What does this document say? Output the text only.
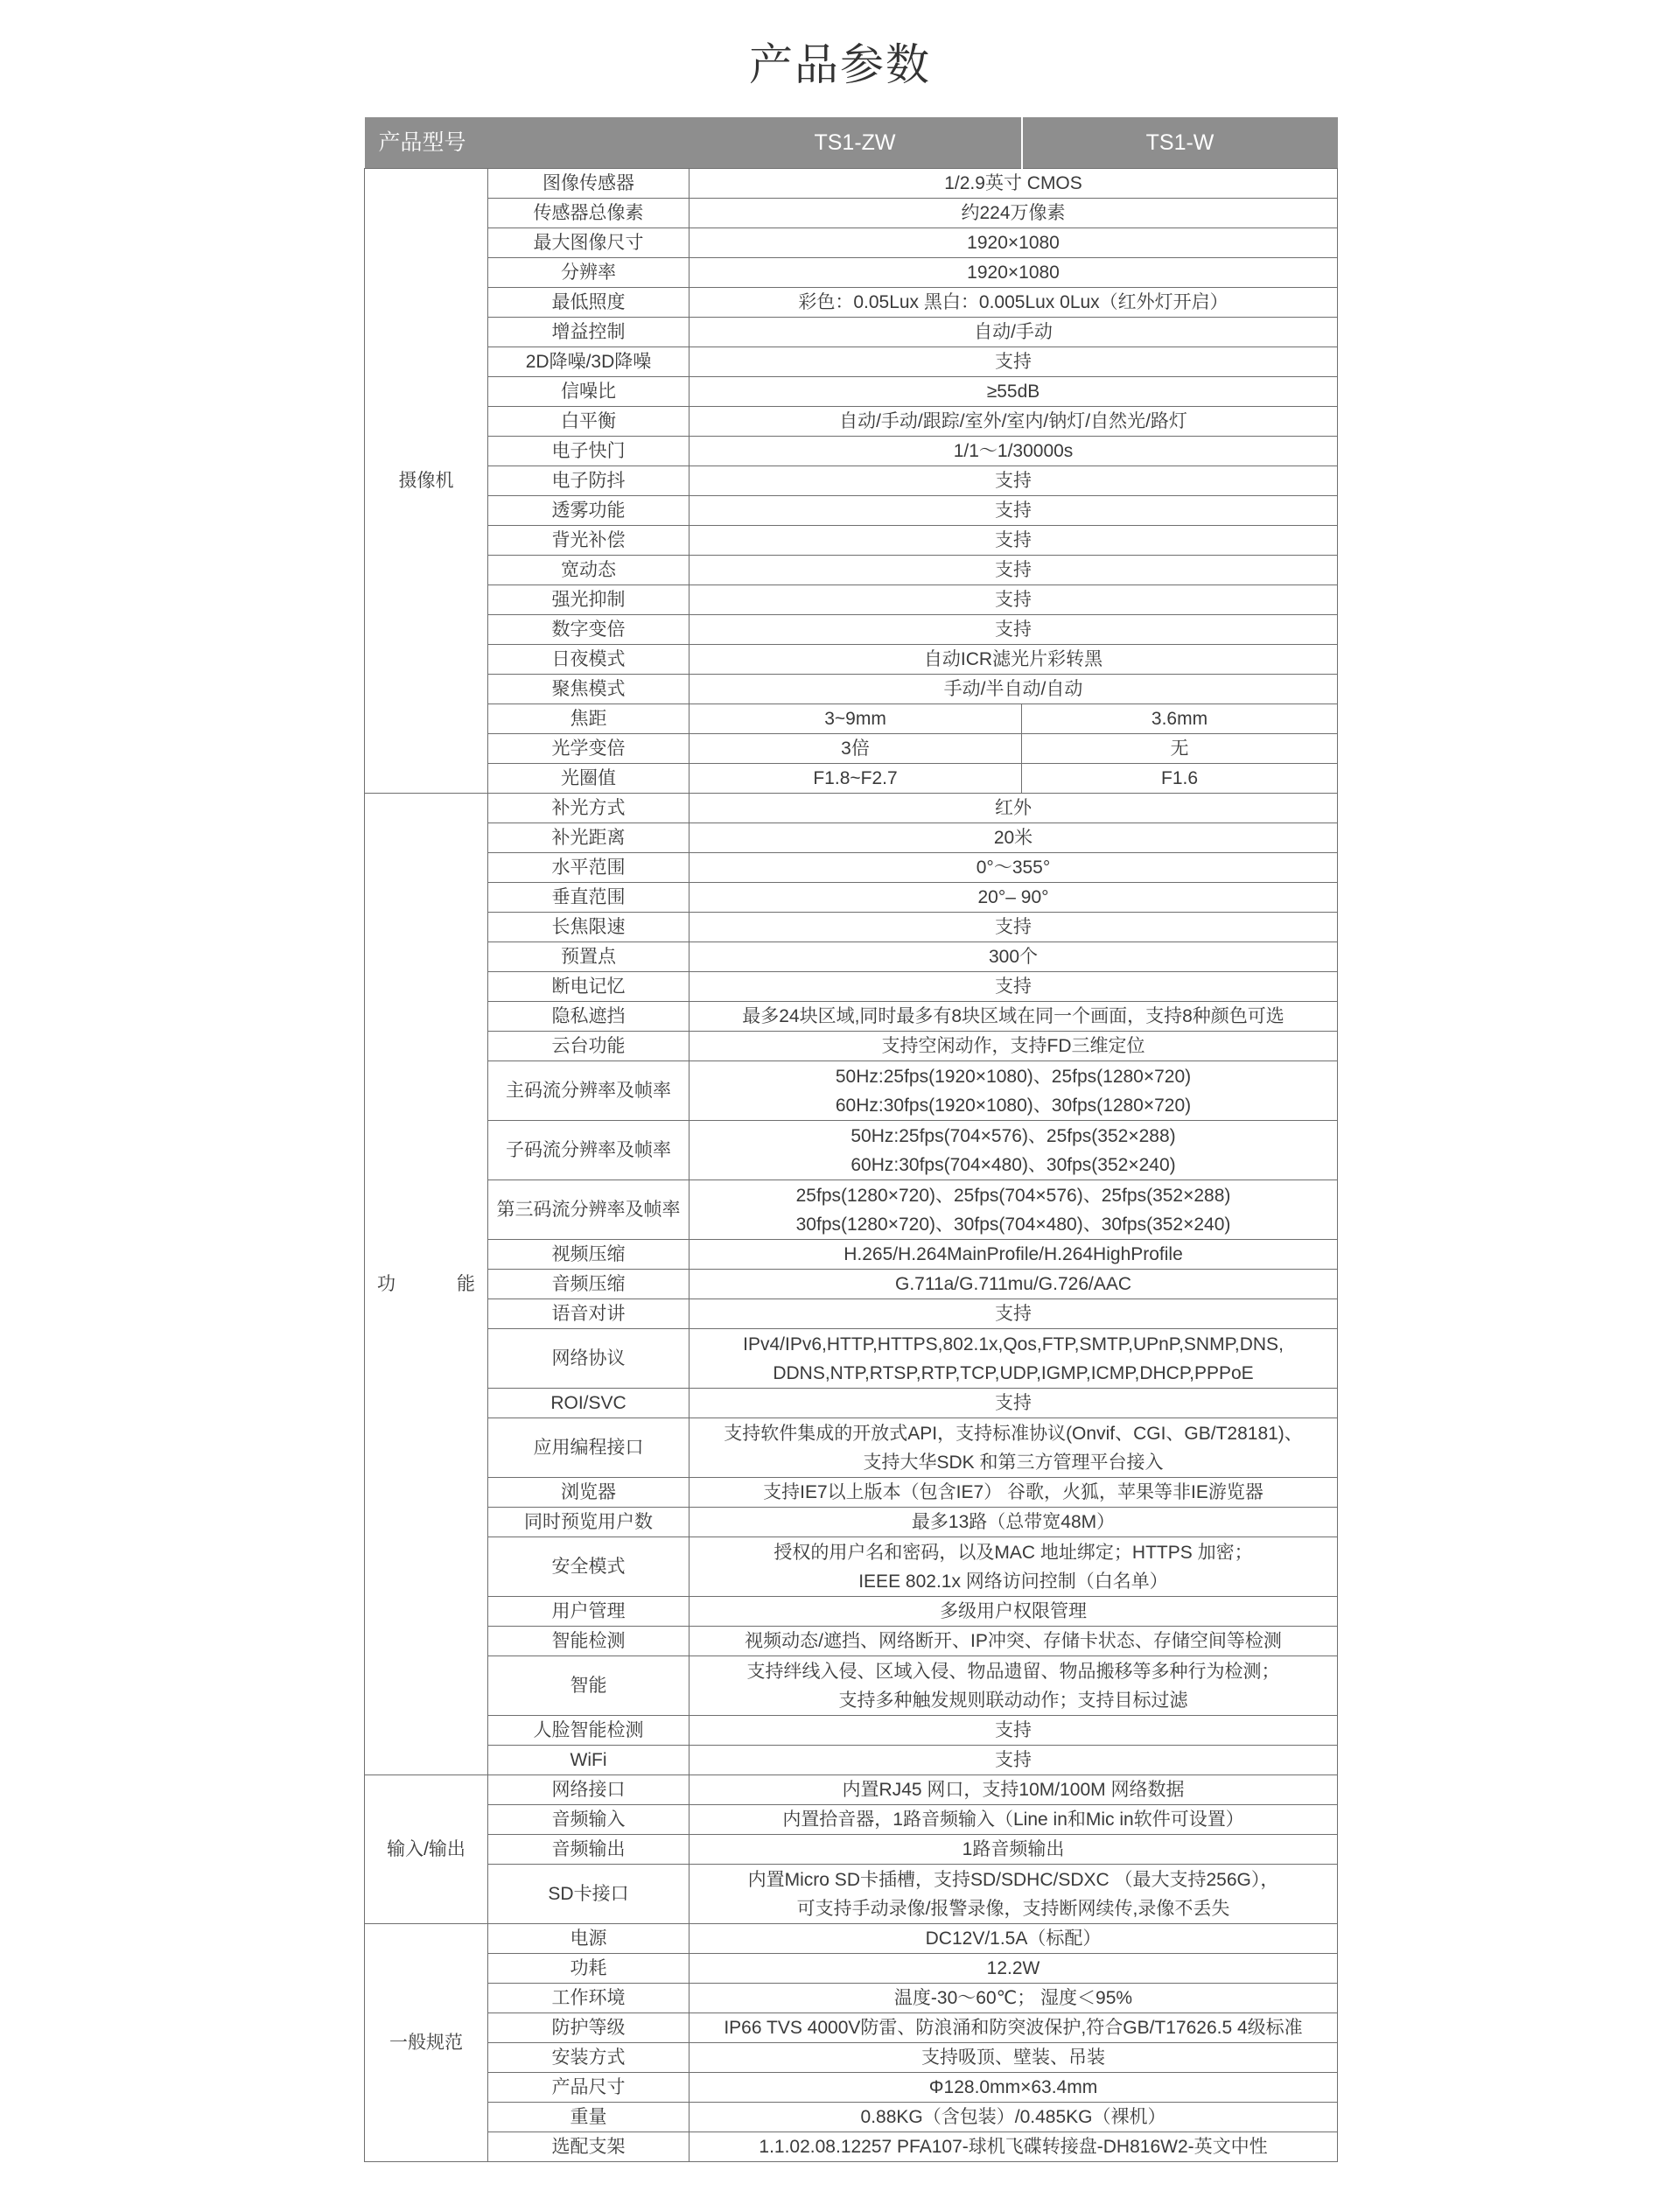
产品参数
产品型号		TS1-ZW	TS1-W
摄像机	图像传感器	1/2.9英寸 CMOS	
	传感器总像素	约224万像素	
	最大图像尺寸	1920×1080	
	分辨率	1920×1080	
	最低照度	彩色：0.05Lux 黑白：0.005Lux 0Lux（红外灯开启）	
	增益控制	自动/手动	
	2D降噪/3D降噪	支持	
	信噪比	≥55dB	
	白平衡	自动/手动/跟踪/室外/室内/钠灯/自然光/路灯	
	电子快门	1/1～1/30000s	
	电子防抖	支持	
	透雾功能	支持	
	背光补偿	支持	
	宽动态	支持	
	强光抑制	支持	
	数字变倍	支持	
	日夜模式	自动ICR滤光片彩转黑	
	聚焦模式	手动/半自动/自动	
	焦距	3~9mm	3.6mm
	光学变倍	3倍	无
	光圈值	F1.8~F2.7	F1.6
功 能	补光方式	红外	
	补光距离	20米	
	水平范围	0°～355°	
	垂直范围	20°– 90°	
	长焦限速	支持	
	预置点	300个	
	断电记忆	支持	
	隐私遮挡	最多24块区域,同时最多有8块区域在同一个画面，支持8种颜色可选	
	云台功能	支持空闲动作，支持FD三维定位	
	主码流分辨率及帧率	50Hz:25fps(1920×1080)、25fps(1280×720)
60Hz:30fps(1920×1080)、30fps(1280×720)	

	子码流分辨率及帧率	50Hz:25fps(704×576)、25fps(352×288)
60Hz:30fps(704×480)、30fps(352×240)	

	第三码流分辨率及帧率	25fps(1280×720)、25fps(704×576)、25fps(352×288)
30fps(1280×720)、30fps(704×480)、30fps(352×240)	

	视频压缩	H.265/H.264MainProfile/H.264HighProfile	
	音频压缩	G.711a/G.711mu/G.726/AAC	
	语音对讲	支持	
	网络协议	IPv4/IPv6,HTTP,HTTPS,802.1x,Qos,FTP,SMTP,UPnP,SNMP,DNS,
DDNS,NTP,RTSP,RTP,TCP,UDP,IGMP,ICMP,DHCP,PPPoE	

	ROI/SVC	支持	
	应用编程接口	支持软件集成的开放式API，支持标准协议(Onvif、CGI、GB/T28181)、
支持大华SDK 和第三方管理平台接入	

	浏览器	支持IE7以上版本（包含IE7） 谷歌，火狐，苹果等非IE游览器	
	同时预览用户数	最多13路（总带宽48M）	
	安全模式	授权的用户名和密码，以及MAC 地址绑定；HTTPS 加密；
IEEE 802.1x 网络访问控制（白名单）	

	用户管理	多级用户权限管理	
	智能检测	视频动态/遮挡、网络断开、IP冲突、存储卡状态、存储空间等检测	
	智能	支持绊线入侵、区域入侵、物品遗留、物品搬移等多种行为检测；
支持多种触发规则联动动作；支持目标过滤	

	人脸智能检测	支持	
	WiFi	支持	
输入/输出	网络接口	内置RJ45 网口，支持10M/100M 网络数据	
	音频输入	内置拾音器，1路音频输入（Line in和Mic in软件可设置）	
	音频输出	1路音频输出	
	SD卡接口	内置Micro SD卡插槽，支持SD/SDHC/SDXC （最大支持256G），
可支持手动录像/报警录像，支持断网续传,录像不丢失	

一般规范	电源	DC12V/1.5A（标配）	
	功耗	12.2W	
	工作环境	温度-30～60℃； 湿度＜95%	
	防护等级	IP66 TVS 4000V防雷、防浪涌和防突波保护,符合GB/T17626.5 4级标准	
	安装方式	支持吸顶、壁装、吊装	
	产品尺寸	Φ128.0mm×63.4mm	
	重量	0.88KG（含包装）/0.485KG（裸机）	
	选配支架	1.1.02.08.12257 PFA107-球机飞碟转接盘-DH816W2-英文中性	
